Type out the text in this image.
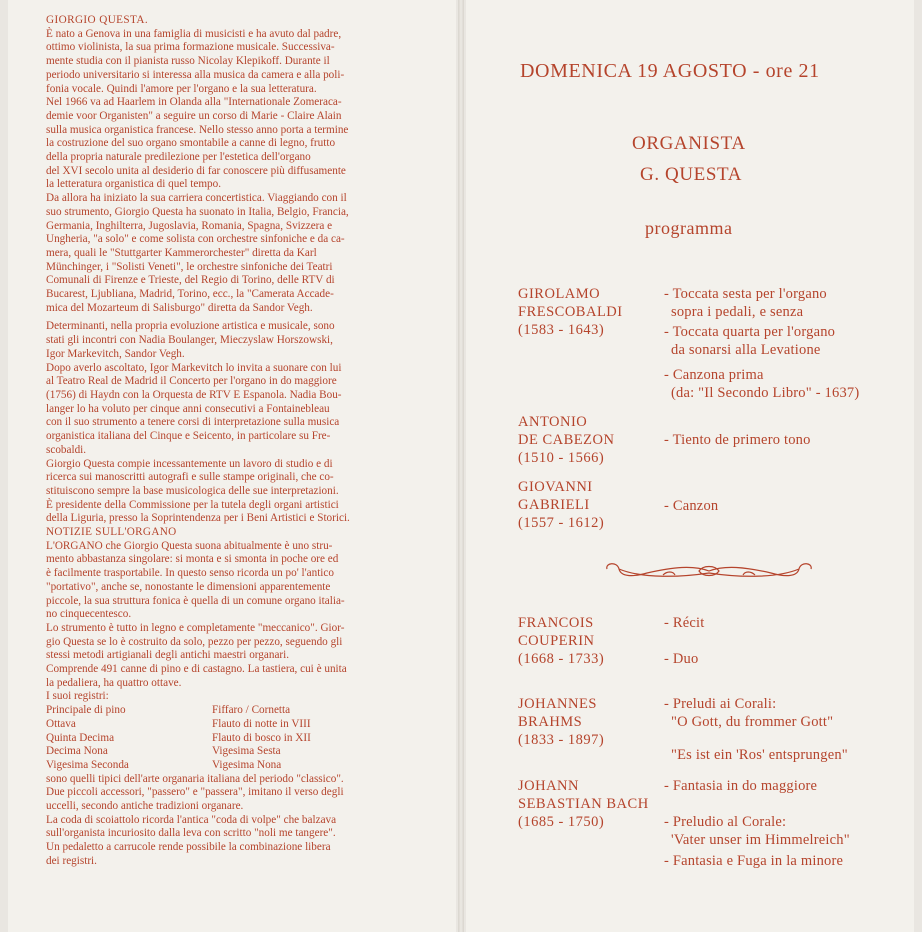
GIORGIO QUESTA.

È nato a Genova in una famiglia di musicisti e ha avuto dal padre,
ottimo violinista, la sua prima formazione musicale. Successiva-
mente studia con il pianista russo Nicolay Klepikoff. Durante il
periodo universitario si interessa alla musica da camera e alla poli-
fonia vocale. Quindi l'amore per l'organo e la sua letteratura.
Nel 1966 va ad Haarlem in Olanda alla "Internationale Zomeraca-
demie voor Organisten" a seguire un corso di Marie - Claire Alain
sulla musica organistica francese. Nello stesso anno porta a termine
la costruzione del suo organo smontabile a canne di legno, frutto
della propria naturale predilezione per l'estetica dell'organo
del XVI secolo unita al desiderio di far conoscere più diffusamente
la letteratura organistica di quel tempo.
Da allora ha iniziato la sua carriera concertistica. Viaggiando con il
suo strumento, Giorgio Questa ha suonato in Italia, Belgio, Francia,
Germania, Inghilterra, Jugoslavia, Romania, Spagna, Svizzera e
Ungheria, "a solo" e come solista con orchestre sinfoniche e da ca-
mera, quali le "Stuttgarter Kammerorchester" diretta da Karl
Münchinger, i "Solisti Veneti", le orchestre sinfoniche dei Teatri
Comunali di Firenze e Trieste, del Regio di Torino, delle RTV di
Bucarest, Ljubliana, Madrid, Torino, ecc., la "Camerata Accade-
mica del Mozarteum di Salisburgo" diretta da Sandor Vegh.
Determinanti, nella propria evoluzione artistica e musicale, sono
stati gli incontri con Nadia Boulanger, Mieczyslaw Horszowski,
Igor Markevitch, Sandor Vegh.
Dopo averlo ascoltato, Igor Markevitch lo invita a suonare con lui
al Teatro Real de Madrid il Concerto per l'organo in do maggiore
(1756) di Haydn con la Orquesta de RTV E Espanola. Nadia Bou-
langer lo ha voluto per cinque anni consecutivi a Fontainebleau
con il suo strumento a tenere corsi di interpretazione sulla musica
organistica italiana del Cinque e Seicento, in particolare su Fre-
scobaldi.
Giorgio Questa compie incessantemente un lavoro di studio e di
ricerca sui manoscritti autografi e sulle stampe originali, che co-
stituiscono sempre la base musicologica delle sue interpretazioni.
È presidente della Commissione per la tutela degli organi artistici
della Liguria, presso la Soprintendenza per i Beni Artistici e Storici.

NOTIZIE SULL'ORGANO

L'ORGANO che Giorgio Questa suona abitualmente è uno stru-
mento abbastanza singolare: si monta e si smonta in poche ore ed
è facilmente trasportabile. In questo senso ricorda un po' l'antico
"portativo", anche se, nonostante le dimensioni apparentemente
piccole, la sua struttura fonica è quella di un comune organo italia-
no cinquecentesco.
Lo strumento è tutto in legno e completamente "meccanico". Gior-
gio Questa se lo è costruito da solo, pezzo per pezzo, seguendo gli
stessi metodi artigianali degli antichi maestri organari.
Comprende 491 canne di pino e di castagno. La tastiera, cui è unita
la pedaliera, ha quattro ottave.
I suoi registri:
Principale di pino
Ottava
Quinta Decima
Decima Nona
Vigesima Seconda
Fiffaro / Cornetta
Flauto di notte in VIII
Flauto di bosco in XII
Vigesima Sesta
Vigesima Nona
sono quelli tipici dell'arte organaria italiana del periodo "classico".
Due piccoli accessori, "passero" e "passera", imitano il verso degli
uccelli, secondo antiche tradizioni organare.
La coda di scoiattolo ricorda l'antica "coda di volpe" che balzava
sull'organista incuriosito dalla leva con scritto "noli me tangere".
Un pedaletto a carrucole rende possibile la combinazione libera
dei registri.
DOMENICA 19 AGOSTO - ore 21
ORGANISTA
G. QUESTA
programma
GIROLAMO
FRESCOBALDI
(1583 - 1643)
ANTONIO
DE CABEZON
(1510 - 1566)
GIOVANNI
GABRIELI
(1557 - 1612)
FRANCOIS
COUPERIN
(1668 - 1733)
JOHANNES
BRAHMS
(1833 - 1897)
JOHANN
SEBASTIAN BACH
(1685 - 1750)
- Toccata sesta per l'organo
sopra i pedali, e senza
- Toccata quarta per l'organo
da sonarsi alla Levatione
- Canzona prima
(da: "Il Secondo Libro" - 1637)
- Tiento de primero tono
- Canzon
- Récit
- Duo
- Preludi ai Corali:
"O Gott, du frommer Gott"
"Es ist ein 'Ros' entsprungen"
- Fantasia in do maggiore
- Preludio al Corale:
'Vater unser im Himmelreich"
- Fantasia e Fuga in la minore
